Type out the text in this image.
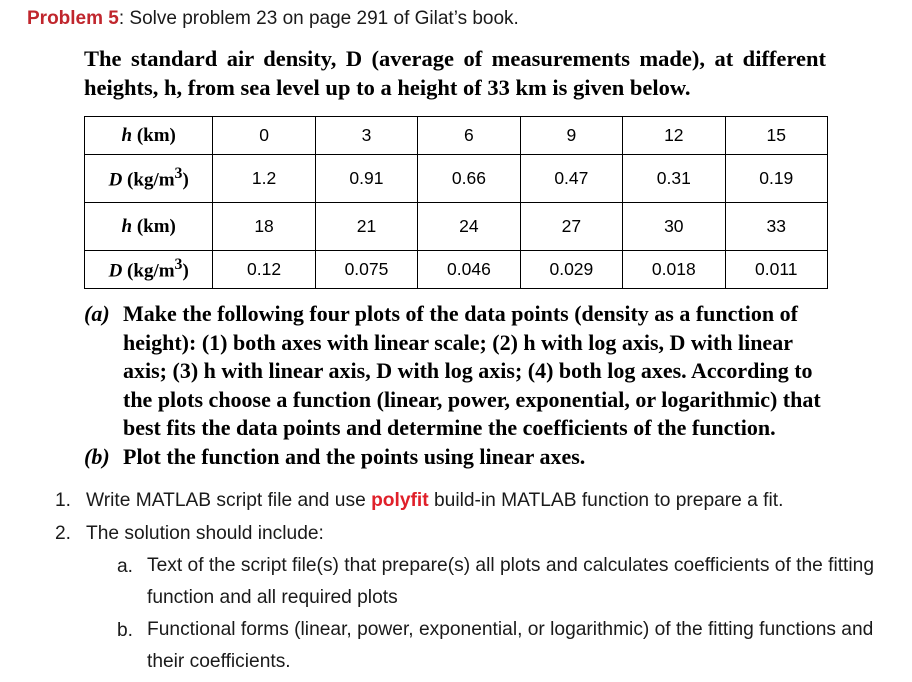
Problem 5: Solve problem 23 on page 291 of Gilat’s book.
The standard air density, D (average of measurements made), at different heights, h, from sea level up to a height of 33 km is given below.
h (km)	0	3	6	9	12	15
D $(kg/m^3)$	1.2	0.91	0.66	0.47	0.31	0.19
h (km)	18	21	24	27	30	33
D $(kg/m^3)$	0.12	0.075	0.046	0.029	0.018	0.011
(a) Make the following four plots of the data points (density as a function of height): (1) both axes with linear scale; (2) h with log axis, D with linear axis; (3) h with linear axis, D with log axis; (4) both log axes. According to the plots choose a function (linear, power, exponential, or logarithmic) that best fits the data points and determine the coefficients of the function.
(b) Plot the function and the points using linear axes.
1. Write MATLAB script file and use polyfit build-in MATLAB function to prepare a fit.
2. The solution should include:
a. Text of the script file(s) that prepare(s) all plots and calculates coefficients of the fitting function and all required plots
b. Functional forms (linear, power, exponential, or logarithmic) of the fitting functions and their coefficients.
